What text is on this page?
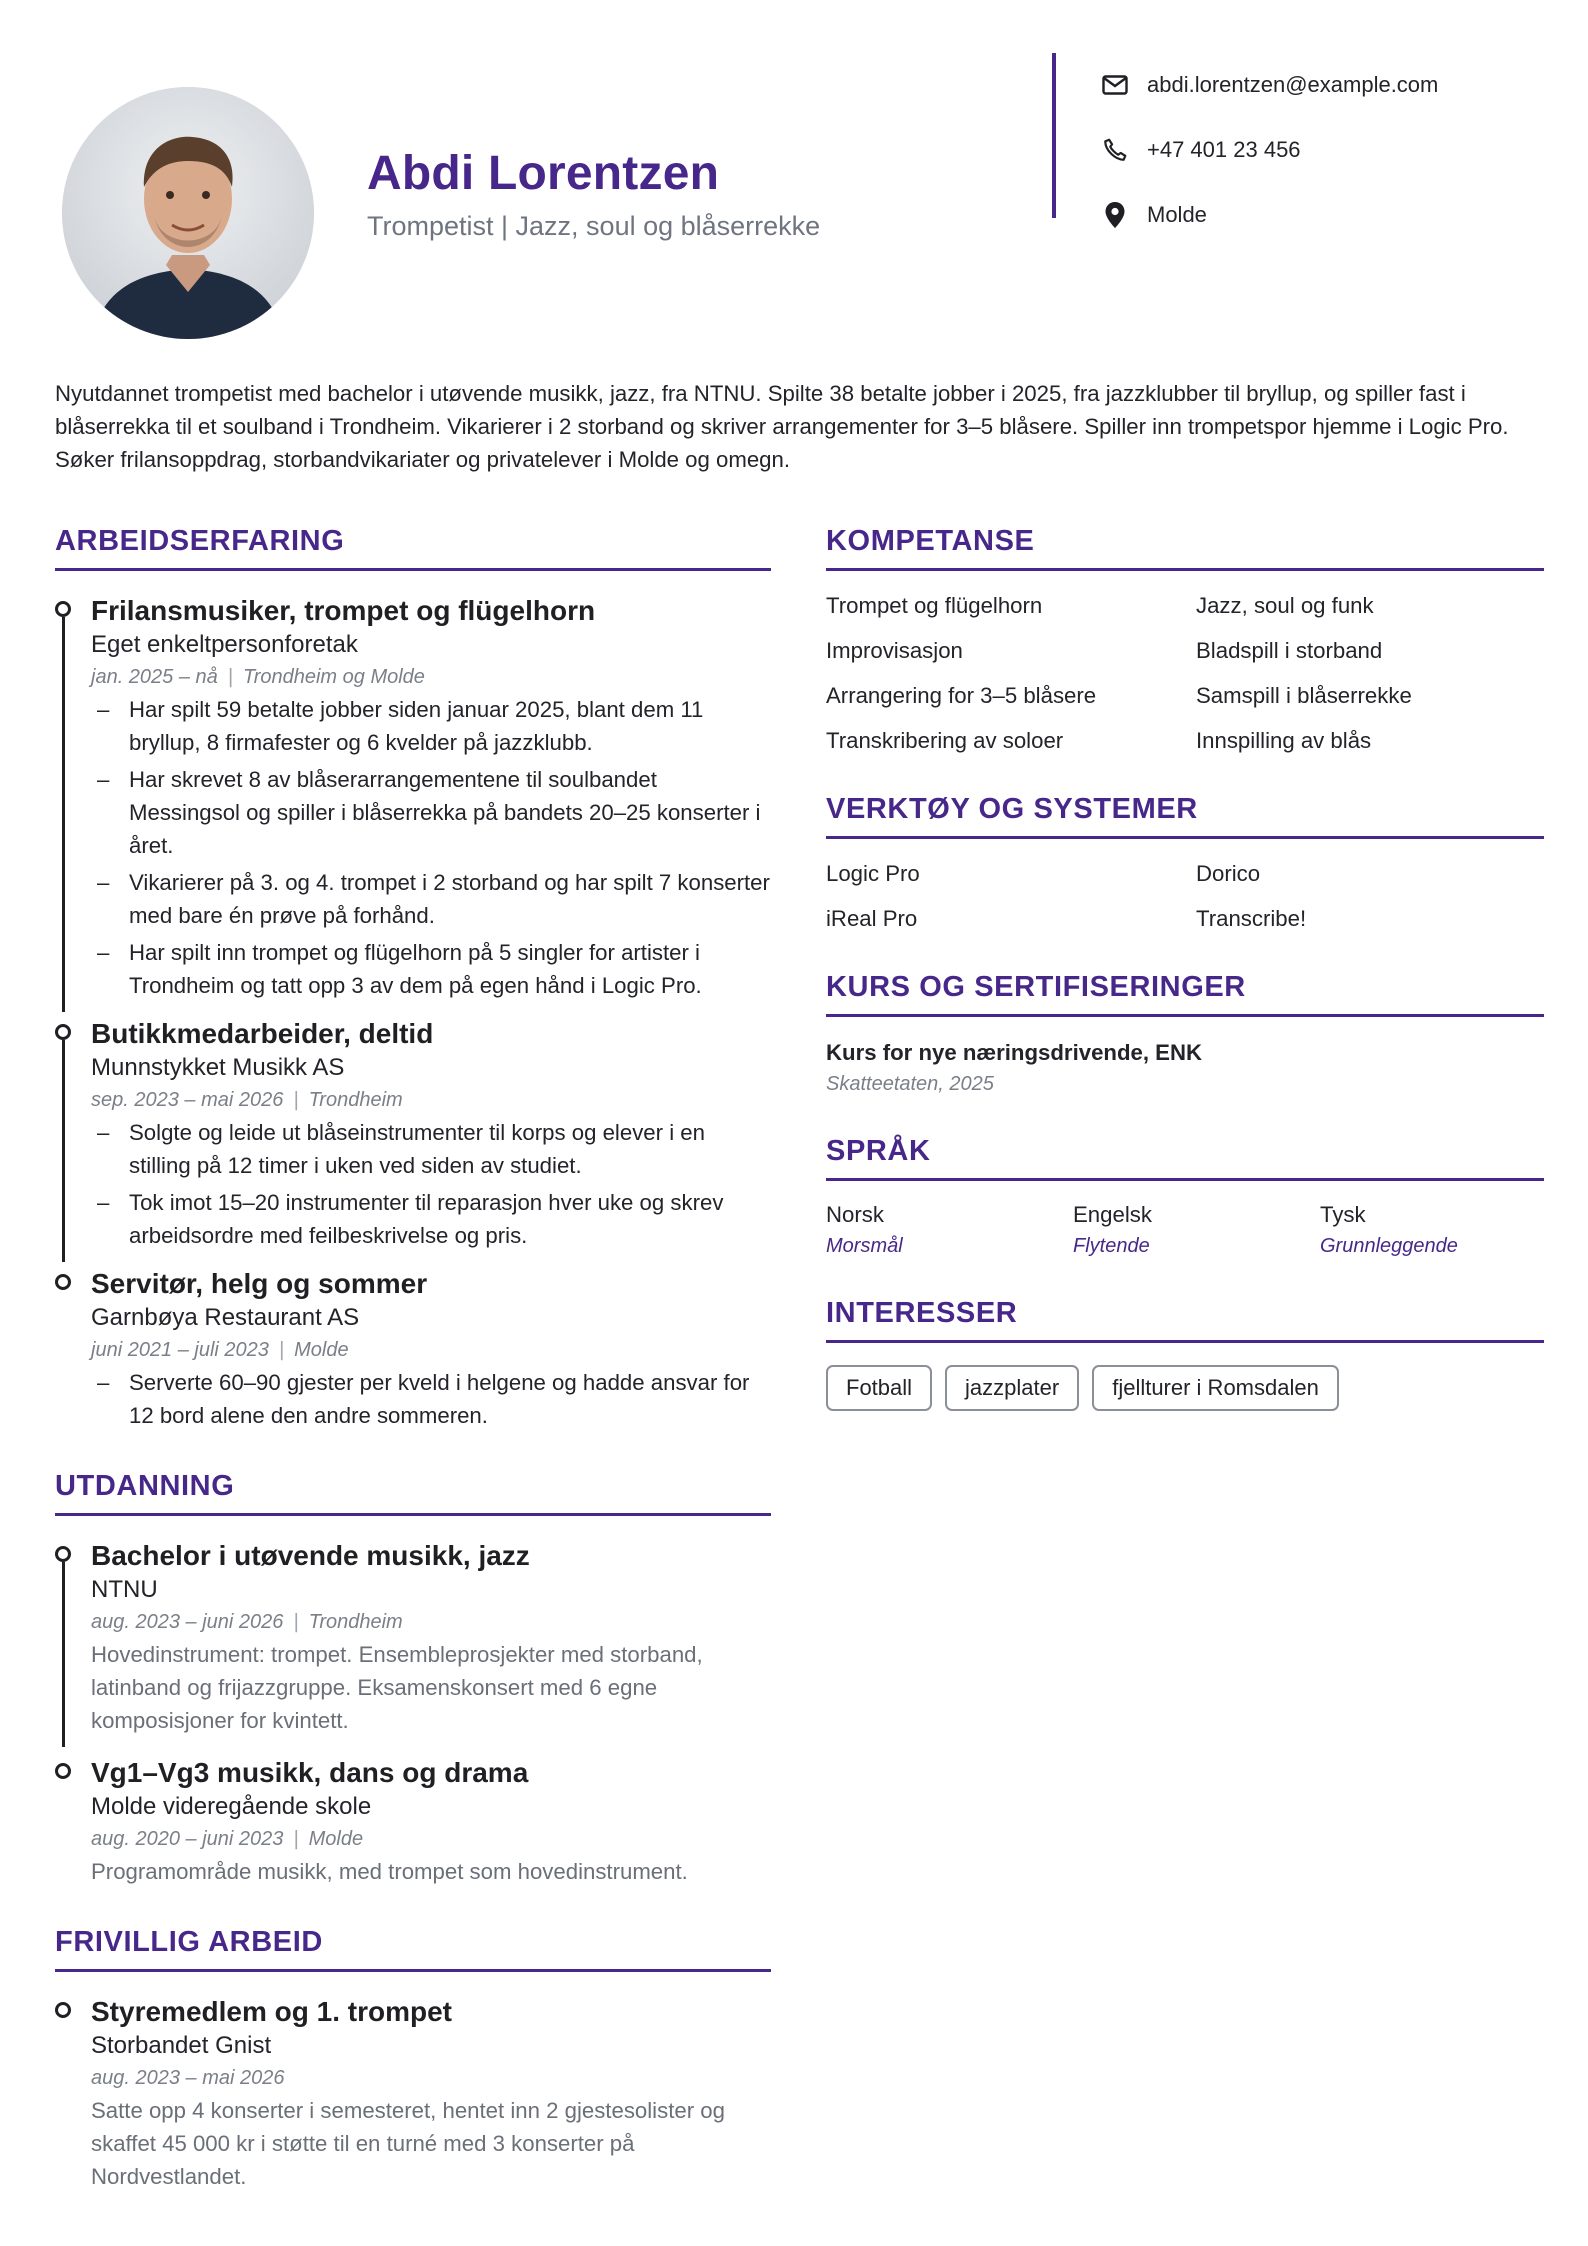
Abdi Lorentzen

Trompetist | Jazz, soul og blåserrekke

abdi.lorentzen@example.com
+47 401 23 456
Molde

Nyutdannet trompetist med bachelor i utøvende musikk, jazz, fra NTNU. Spilte 38 betalte jobber i 2025, fra jazzklubber til bryllup, og spiller fast i blåserrekka til et soulband i Trondheim. Vikarierer i 2 storband og skriver arrangementer for 3–5 blåsere. Spiller inn trompetspor hjemme i Logic Pro. Søker frilansoppdrag, storbandvikariater og privatelever i Molde og omegn.

ARBEIDSERFARING
Frilansmusiker, trompet og flügelhorn
Eget enkeltpersonforetak
jan. 2025 – nå | Trondheim og Molde
– Har spilt 59 betalte jobber siden januar 2025, blant dem 11 bryllup, 8 firmafester og 6 kvelder på jazzklubb.
– Har skrevet 8 av blåserarrangementene til soulbandet Messingsol og spiller i blåserrekka på bandets 20–25 konserter i året.
– Vikarierer på 3. og 4. trompet i 2 storband og har spilt 7 konserter med bare én prøve på forhånd.
– Har spilt inn trompet og flügelhorn på 5 singler for artister i Trondheim og tatt opp 3 av dem på egen hånd i Logic Pro.
Butikkmedarbeider, deltid
Munnstykket Musikk AS
sep. 2023 – mai 2026 | Trondheim
– Solgte og leide ut blåseinstrumenter til korps og elever i en stilling på 12 timer i uken ved siden av studiet.
– Tok imot 15–20 instrumenter til reparasjon hver uke og skrev arbeidsordre med feilbeskrivelse og pris.
Servitør, helg og sommer
Garnbøya Restaurant AS
juni 2021 – juli 2023 | Molde
– Serverte 60–90 gjester per kveld i helgene og hadde ansvar for 12 bord alene den andre sommeren.
UTDANNING
Bachelor i utøvende musikk, jazz
NTNU
aug. 2023 – juni 2026 | Trondheim
Hovedinstrument: trompet. Ensembleprosjekter med storband, latinband og frijazzgruppe. Eksamenskonsert med 6 egne komposisjoner for kvintett.
Vg1–Vg3 musikk, dans og drama
Molde videregående skole
aug. 2020 – juni 2023 | Molde
Programområde musikk, med trompet som hovedinstrument.
FRIVILLIG ARBEID
Styremedlem og 1. trompet
Storbandet Gnist
aug. 2023 – mai 2026
Satte opp 4 konserter i semesteret, hentet inn 2 gjestesolister og skaffet 45 000 kr i støtte til en turné med 3 konserter på Nordvestlandet.
KOMPETANSE
Trompet og flügelhorn	Jazz, soul og funk
Improvisasjon	Bladspill i storband
Arrangering for 3–5 blåsere	Samspill i blåserrekke
Transkribering av soloer	Innspilling av blås
VERKTØY OG SYSTEMER
Logic Pro	Dorico
iReal Pro	Transcribe!
KURS OG SERTIFISERINGER
Kurs for nye næringsdrivende, ENK
Skatteetaten, 2025
SPRÅK
Norsk
Morsmål
Engelsk
Flytende
Tysk
Grunnleggende
INTERESSER
Fotball	jazzplater	fjellturer i Romsdalen
